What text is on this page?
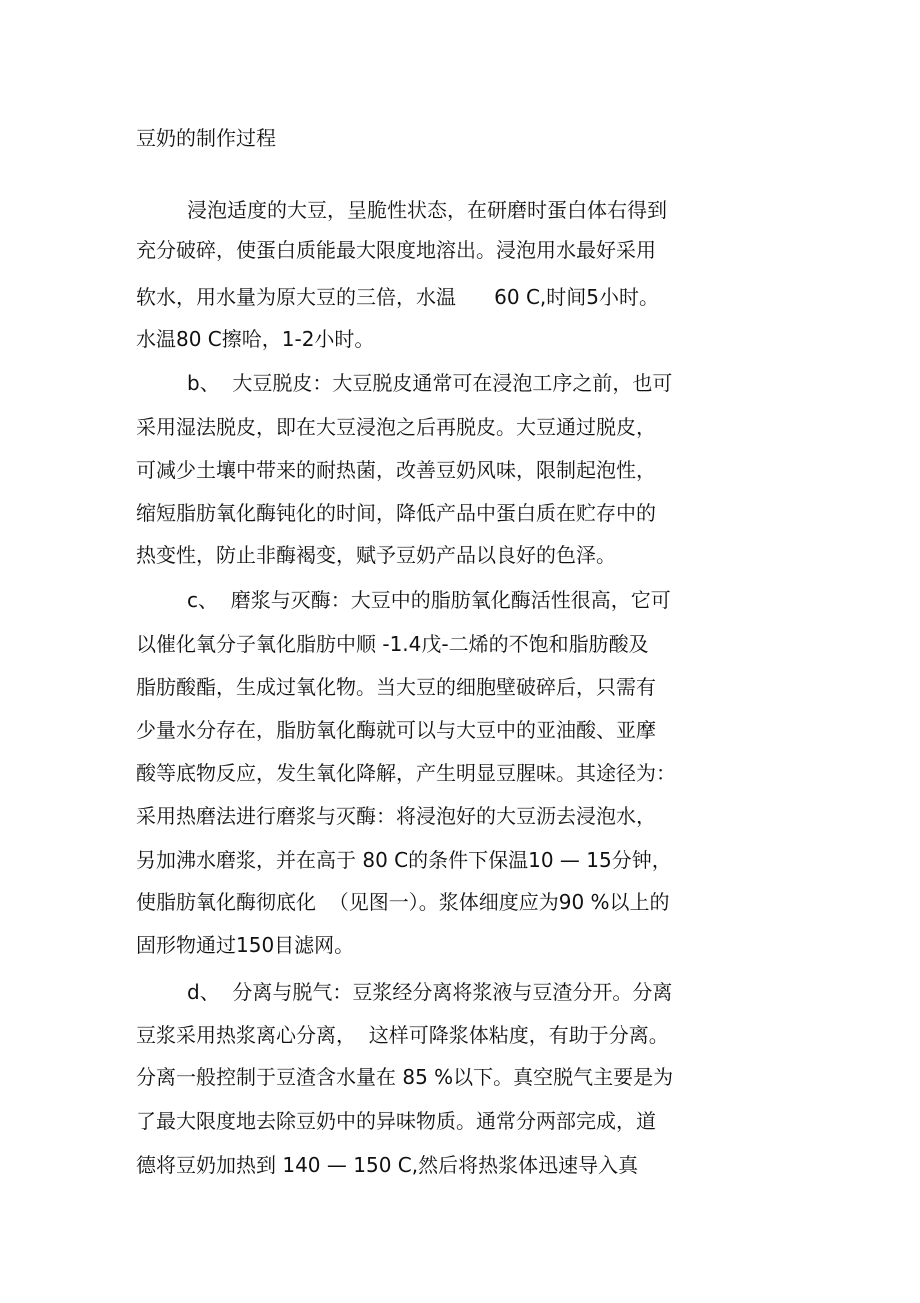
豆奶的制作过程

浸泡适度的大豆，呈脆性状态，在研磨时蛋白体右得到

充分破碎，使蛋白质能最大限度地溶出。浸泡用水最好采用

软水，用水量为原大豆的三倍，水温      60 C,时间5小时。

水温80 C擦哈，1-2小时。

b、  大豆脱皮：大豆脱皮通常可在浸泡工序之前，也可

采用湿法脱皮，即在大豆浸泡之后再脱皮。大豆通过脱皮，

可减少土壤中带来的耐热菌，改善豆奶风味，限制起泡性，

缩短脂肪氧化酶钝化的时间，降低产品中蛋白质在贮存中的

热变性，防止非酶褐变，赋予豆奶产品以良好的色泽。

c、  磨浆与灭酶：大豆中的脂肪氧化酶活性很高，它可

以催化氧分子氧化脂肪中顺 -1.4戊-二烯的不饱和脂肪酸及

脂肪酸酯，生成过氧化物。当大豆的细胞壁破碎后，只需有

少量水分存在，脂肪氧化酶就可以与大豆中的亚油酸、亚摩

酸等底物反应，发生氧化降解，产生明显豆腥味。其途径为：

采用热磨法进行磨浆与灭酶：将浸泡好的大豆沥去浸泡水，

另加沸水磨浆，并在高于 80 C的条件下保温10 — 15分钟，

使脂肪氧化酶彻底化  （见图一）。浆体细度应为90 %以上的

固形物通过150目滤网。

d、  分离与脱气：豆浆经分离将浆液与豆渣分开。分离

豆浆采用热浆离心分离，  这样可降浆体粘度，有助于分离。

分离一般控制于豆渣含水量在 85 %以下。真空脱气主要是为

了最大限度地去除豆奶中的异味物质。通常分两部完成，道

德将豆奶加热到 140 — 150 C,然后将热浆体迅速导入真
